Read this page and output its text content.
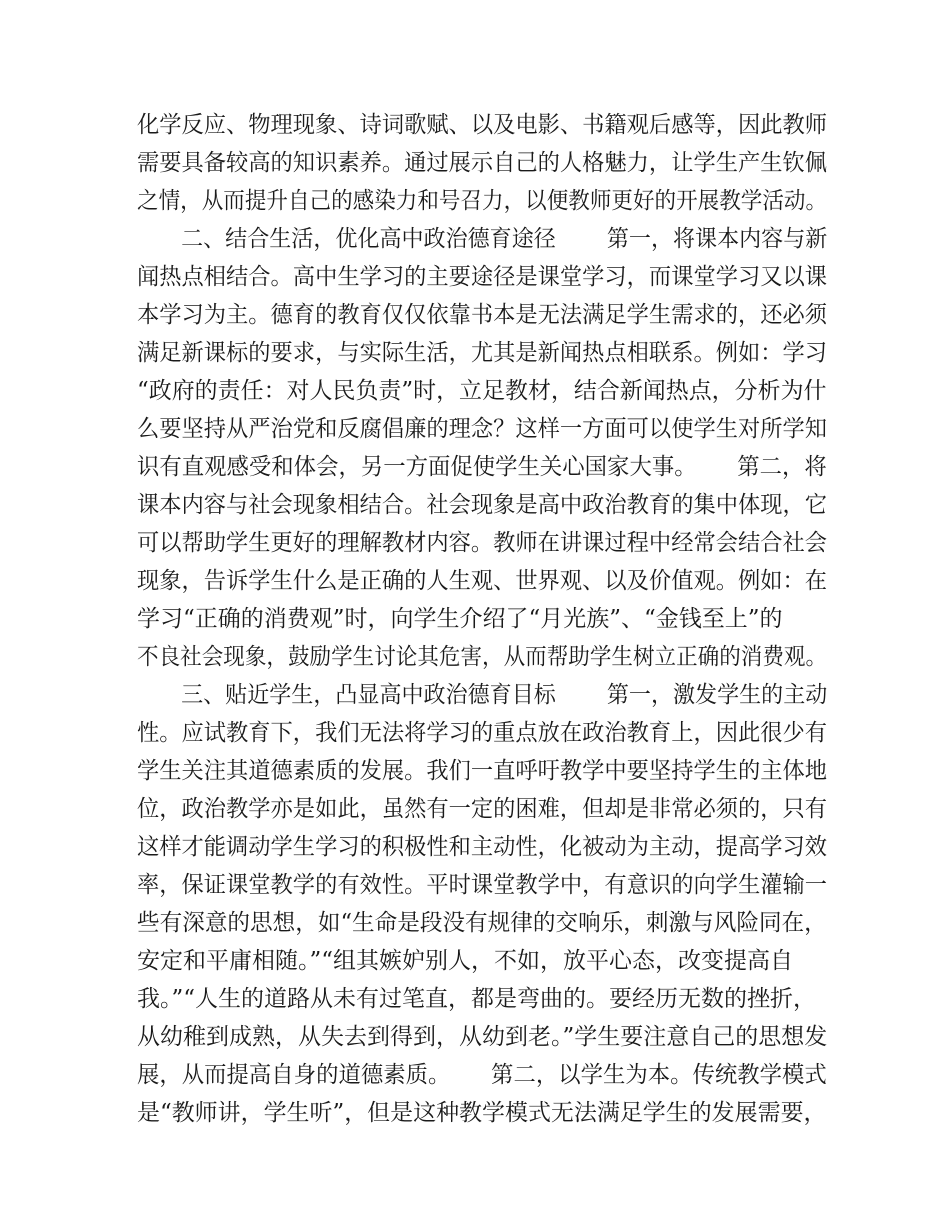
化学反应、物理现象、诗词歌赋、以及电影、书籍观后感等，因此教师
需要具备较高的知识素养。通过展示自己的人格魅力，让学生产生钦佩
之情，从而提升自己的感染力和号召力，以便教师更好的开展教学活动。
　　二、结合生活，优化高中政治德育途径　　 第一，将课本内容与新
闻热点相结合。高中生学习的主要途径是课堂学习，而课堂学习又以课
本学习为主。德育的教育仅仅依靠书本是无法满足学生需求的，还必须
满足新课标的要求，与实际生活，尤其是新闻热点相联系。例如：学习
“政府的责任：对人民负责”时，立足教材，结合新闻热点，分析为什
么要坚持从严治党和反腐倡廉的理念？这样一方面可以使学生对所学知
识有直观感受和体会，另一方面促使学生关心国家大事。　　 第二，将
课本内容与社会现象相结合。社会现象是高中政治教育的集中体现，它
可以帮助学生更好的理解教材内容。教师在讲课过程中经常会结合社会
现象，告诉学生什么是正确的人生观、世界观、以及价值观。例如：在
学习“正确的消费观”时，向学生介绍了“月光族”、“金钱至上”的
不良社会现象，鼓励学生讨论其危害，从而帮助学生树立正确的消费观。
　　三、贴近学生，凸显高中政治德育目标　　 第一，激发学生的主动
性。应试教育下，我们无法将学习的重点放在政治教育上，因此很少有
学生关注其道德素质的发展。我们一直呼吁教学中要坚持学生的主体地
位，政治教学亦是如此，虽然有一定的困难，但却是非常必须的，只有
这样才能调动学生学习的积极性和主动性，化被动为主动，提高学习效
率，保证课堂教学的有效性。平时课堂教学中，有意识的向学生灌输一
些有深意的思想，如“生命是段没有规律的交响乐，刺激与风险同在，
安定和平庸相随。”“组其嫉妒别人，不如，放平心态，改变提高自
我。”“人生的道路从未有过笔直，都是弯曲的。要经历无数的挫折，
从幼稚到成熟，从失去到得到，从幼到老。”学生要注意自己的思想发
展，从而提高自身的道德素质。　　 第二，以学生为本。传统教学模式
是“教师讲，学生听”，但是这种教学模式无法满足学生的发展需要，
